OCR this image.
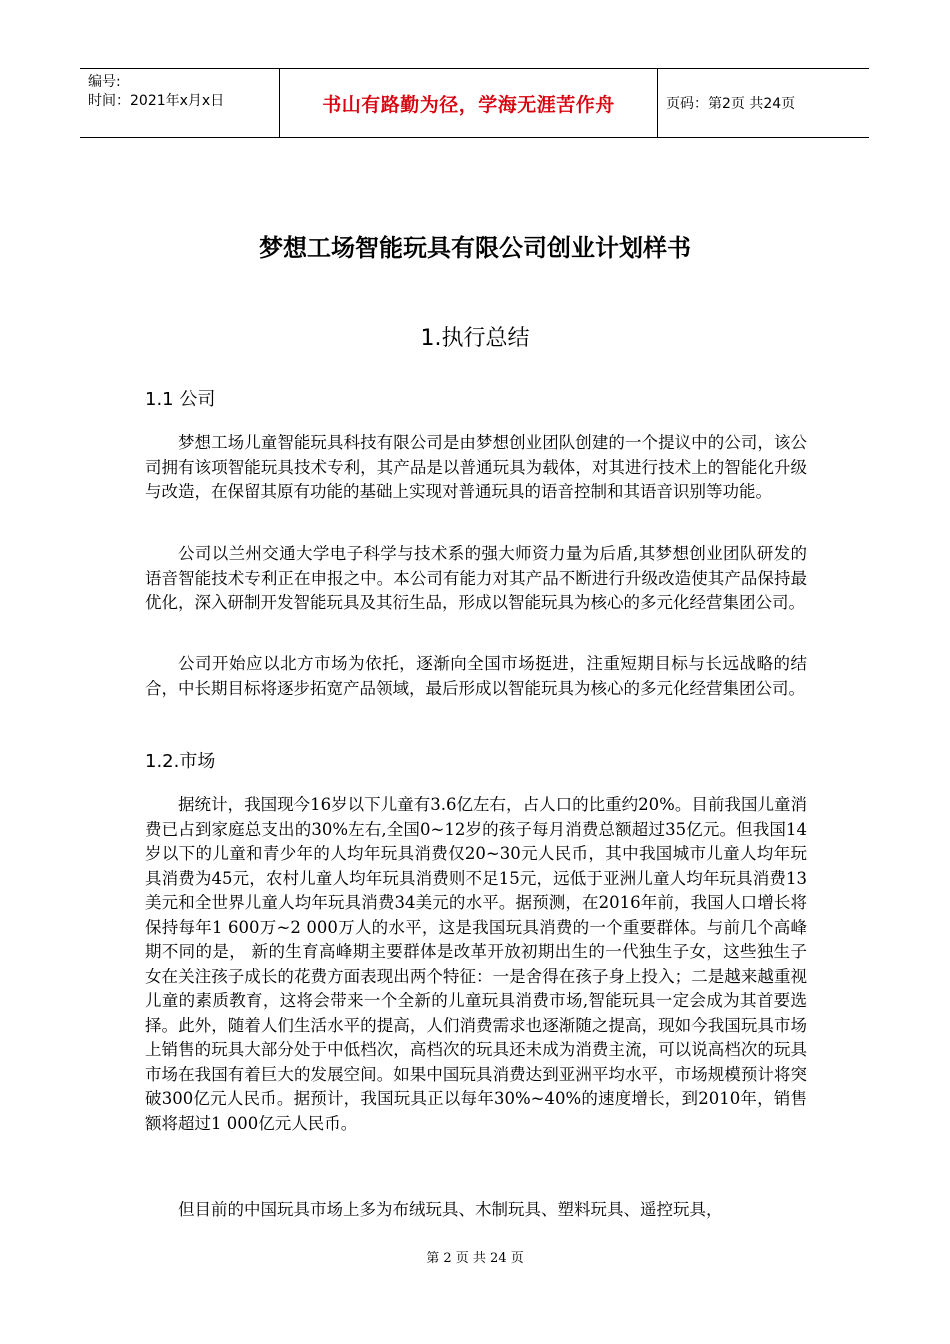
编号:
时间：2021年x月x日	书山有路勤为径，学海无涯苦作舟	页码：第2页 共24页
梦想工场智能玩具有限公司创业计划样书
1.执行总结
1.1 公司

梦想工场儿童智能玩具科技有限公司是由梦想创业团队创建的一个提议中的公司，该公司拥有该项智能玩具技术专利，其产品是以普通玩具为载体，对其进行技术上的智能化升级与改造，在保留其原有功能的基础上实现对普通玩具的语音控制和其语音识别等功能。

公司以兰州交通大学电子科学与技术系的强大师资力量为后盾,其梦想创业团队研发的语音智能技术专利正在申报之中。本公司有能力对其产品不断进行升级改造使其产品保持最优化，深入研制开发智能玩具及其衍生品，形成以智能玩具为核心的多元化经营集团公司。

公司开始应以北方市场为依托，逐渐向全国市场挺进，注重短期目标与长远战略的结合，中长期目标将逐步拓宽产品领域，最后形成以智能玩具为核心的多元化经营集团公司。

1.2.市场

据统计，我国现今16岁以下儿童有3.6亿左右，占人口的比重约20%。目前我国儿童消费已占到家庭总支出的30%左右,全国0~12岁的孩子每月消费总额超过35亿元。但我国14岁以下的儿童和青少年的人均年玩具消费仅20~30元人民币，其中我国城市儿童人均年玩具消费为45元，农村儿童人均年玩具消费则不足15元，远低于亚洲儿童人均年玩具消费13美元和全世界儿童人均年玩具消费34美元的水平。据预测，在2016年前，我国人口增长将保持每年1 600万~2 000万人的水平，这是我国玩具消费的一个重要群体。与前几个高峰期不同的是， 新的生育高峰期主要群体是改革开放初期出生的一代独生子女，这些独生子女在关注孩子成长的花费方面表现出两个特征：一是舍得在孩子身上投入；二是越来越重视儿童的素质教育，这将会带来一个全新的儿童玩具消费市场,智能玩具一定会成为其首要选择。此外，随着人们生活水平的提高，人们消费需求也逐渐随之提高，现如今我国玩具市场上销售的玩具大部分处于中低档次，高档次的玩具还未成为消费主流，可以说高档次的玩具市场在我国有着巨大的发展空间。如果中国玩具消费达到亚洲平均水平，市场规模预计将突破300亿元人民币。据预计，我国玩具正以每年30%~40%的速度增长，到2010年，销售额将超过1 000亿元人民币。

但目前的中国玩具市场上多为布绒玩具、木制玩具、塑料玩具、遥控玩具，

第 2 页 共 24 页
